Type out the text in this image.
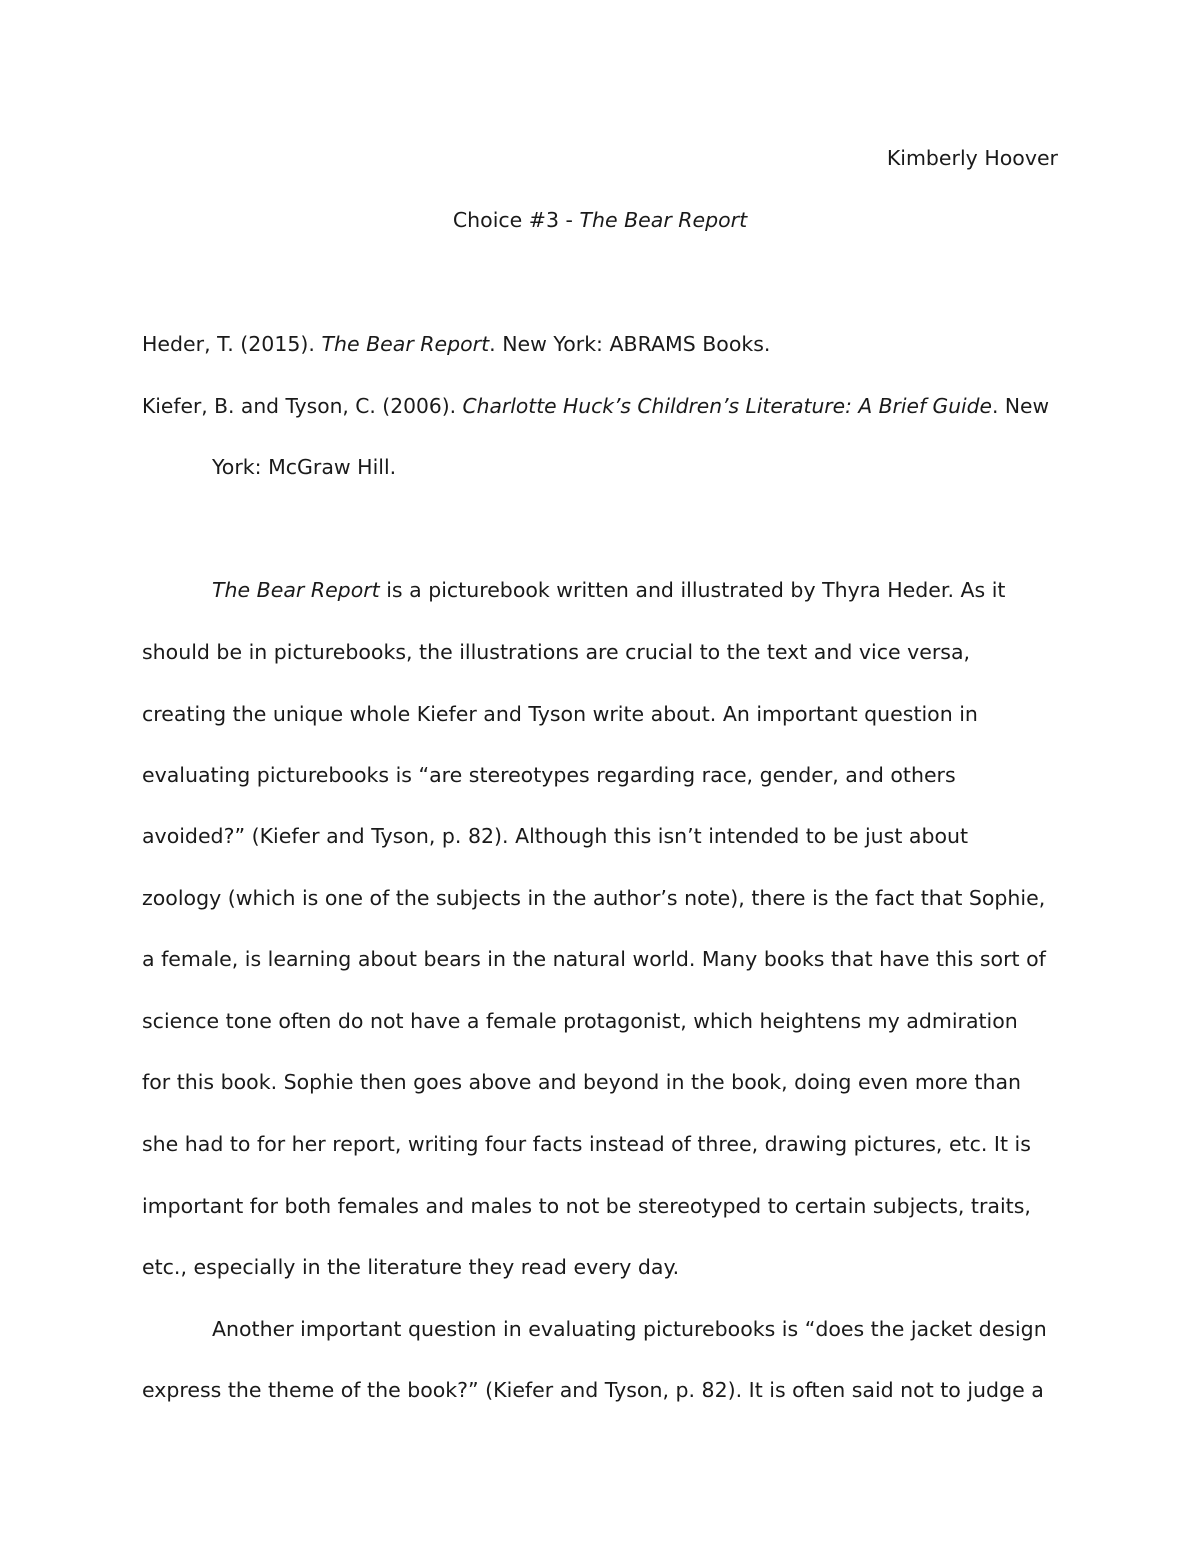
Kimberly Hoover
Choice #3 - The Bear Report
Heder, T. (2015). The Bear Report. New York: ABRAMS Books.
Kiefer, B. and Tyson, C. (2006). Charlotte Huck’s Children’s Literature: A Brief Guide. New
York: McGraw Hill.
The Bear Report is a picturebook written and illustrated by Thyra Heder. As it
should be in picturebooks, the illustrations are crucial to the text and vice versa,
creating the unique whole Kiefer and Tyson write about. An important question in
evaluating picturebooks is “are stereotypes regarding race, gender, and others
avoided?” (Kiefer and Tyson, p. 82). Although this isn’t intended to be just about
zoology (which is one of the subjects in the author’s note), there is the fact that Sophie,
a female, is learning about bears in the natural world. Many books that have this sort of
science tone often do not have a female protagonist, which heightens my admiration
for this book. Sophie then goes above and beyond in the book, doing even more than
she had to for her report, writing four facts instead of three, drawing pictures, etc. It is
important for both females and males to not be stereotyped to certain subjects, traits,
etc., especially in the literature they read every day.
Another important question in evaluating picturebooks is “does the jacket design
express the theme of the book?” (Kiefer and Tyson, p. 82). It is often said not to judge a
